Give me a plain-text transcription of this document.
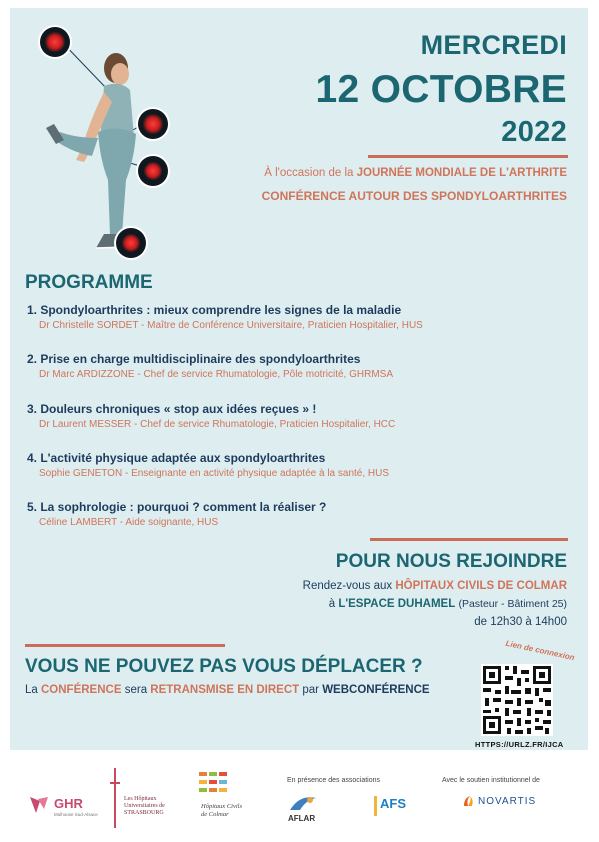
MERCREDI
12 OCTOBRE
2022
À l'occasion de la JOURNÉE MONDIALE DE L'ARTHRITE
CONFÉRENCE AUTOUR DES SPONDYLOARTHRITES
PROGRAMME
1. Spondyloarthrites : mieux comprendre les signes de la maladie
Dr Christelle SORDET - Maître de Conférence Universitaire, Praticien Hospitalier, HUS
2. Prise en charge multidisciplinaire des spondyloarthrites
Dr Marc ARDIZZONE - Chef de service Rhumatologie, Pôle motricité, GHRMSA
3. Douleurs chroniques « stop aux idées reçues » !
Dr Laurent MESSER - Chef de service Rhumatologie, Praticien Hospitalier, HCC
4. L'activité physique adaptée aux spondyloarthrites
Sophie GENETON - Enseignante en activité physique adaptée à la santé, HUS
5. La sophrologie : pourquoi ? comment la réaliser ?
Céline LAMBERT - Aide soignante, HUS
POUR NOUS REJOINDRE
Rendez-vous aux HÔPITAUX CIVILS DE COLMAR
à L'ESPACE DUHAMEL (Pasteur - Bâtiment 25)
de 12h30 à 14h00
VOUS NE POUVEZ PAS VOUS DÉPLACER ?
La CONFÉRENCE sera RETRANSMISE EN DIRECT par WEBCONFÉRENCE
Lien de connexion
HTTPS://URLZ.FR/IJCA
GHR
Mulhouse Sud-Alsace
Les Hôpitaux Universitaires de STRASBOURG
Hôpitaux Civils de Colmar
En présence des associations
AFLAR
AFS
Avec le soutien institutionnel de
NOVARTIS
